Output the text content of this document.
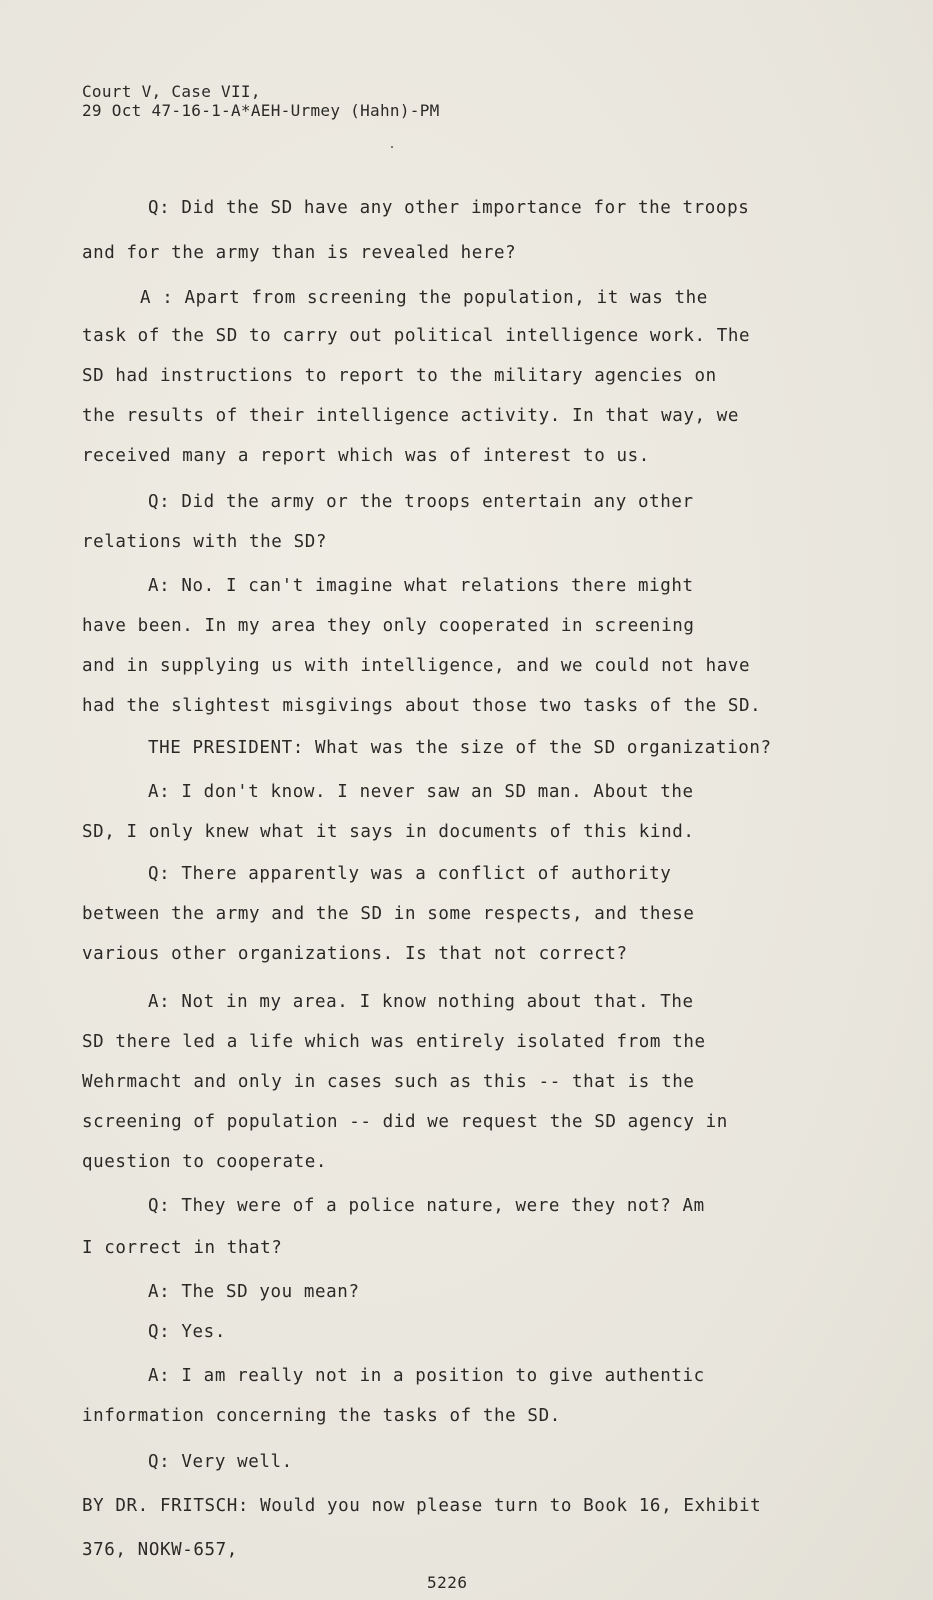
Court V, Case VII,
29 Oct 47-16-1-A*AEH-Urmey (Hahn)-PM
Q: Did the SD have any other importance for the troops
and for the army than is revealed here?
A : Apart from screening the population, it was the
task of the SD to carry out political intelligence work. The
SD had instructions to report to the military agencies on
the results of their intelligence activity. In that way, we
received many a report which was of interest to us.
Q: Did the army or the troops entertain any other
relations with the SD?
A: No. I can't imagine what relations there might
have been. In my area they only cooperated in screening
and in supplying us with intelligence, and we could not have
had the slightest misgivings about those two tasks of the SD.
THE PRESIDENT: What was the size of the SD organization?
A: I don't know. I never saw an SD man. About the
SD, I only knew what it says in documents of this kind.
Q: There apparently was a conflict of authority
between the army and the SD in some respects, and these
various other organizations. Is that not correct?
A: Not in my area. I know nothing about that. The
SD there led a life which was entirely isolated from the
Wehrmacht and only in cases such as this -- that is the
screening of population -- did we request the SD agency in
question to cooperate.
Q: They were of a police nature, were they not? Am
I correct in that?
A: The SD you mean?
Q: Yes.
A: I am really not in a position to give authentic
information concerning the tasks of the SD.
Q: Very well.
BY DR. FRITSCH: Would you now please turn to Book 16, Exhibit
376, NOKW-657,
5226
